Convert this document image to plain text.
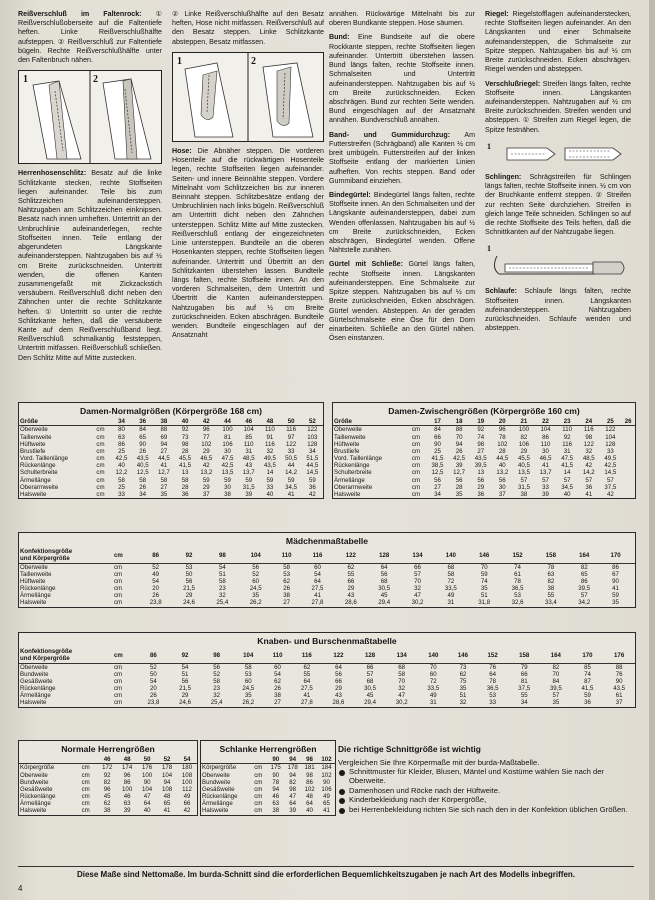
Reißverschluß im Faltenrock: ① Reißverschlußoberseite auf die Faltentiefe heften. Linke Reißverschlußhälfte aufsteppen. ② Reißverschluß zur Faltentiefe bügeln. Rechte Reißverschlußhälfte unter den Faltenbruch nähen.

1	2

Herrenhosenschlitz: Besatz auf die linke Schlitzkante stecken, rechte Stoffseiten liegen aufeinander. Teile bis zum Schlitzzeichen aufeinandersteppen. Nahtzugaben am Schlitzzeichen einknipsen. Besatz nach innen umheften. Untertritt an der Umbruchlinie aufeinanderlegen, rechte Stoffseiten innen. Teile entlang der abgerundeten Längskante aufeinandersteppen. Nahtzugaben bis auf ½ cm Breite zurückschneiden. Untertritt wenden, die offenen Kanten zusammengefaßt mit Zickzackstich versäubern. Reißverschluß dicht neben den Zähnchen unter die rechte Schlitzkante heften. ① Untertritt so unter die rechte Schlitzkante heften, daß die versäuberte Kante auf dem Reißverschlußband liegt. Reißverschluß schmalkantig feststeppen, Untertritt mitfassen. Reißverschluß schließen. Den Schlitz Mitte auf Mitte zustecken.

② Linke Reißverschlußhälfte auf den Besatz heften, Hose nicht mitfassen. Reißverschluß auf den Besatz steppen. Linke Schlitzkante absteppen, Besatz mitfassen.

1	2

Hose: Die Abnäher steppen. Die vorderen Hosenteile auf die rückwärtigen Hosenteile legen, rechte Stoffseiten liegen aufeinander. Seiten- und innere Beinnähte steppen. Vordere Mittelnaht vom Schlitzzeichen bis zur inneren Beinnaht steppen. Schlitzbesätze entlang der Umbruchlinien nach links bügeln. Reißverschluß am Untertritt dicht neben den Zähnchen untersteppen. Schlitz Mitte auf Mitte zustecken. Reißverschluß entlang der eingezeichneten Linie untersteppen. Bundteile an die oberen Hosenkanten steppen, rechte Stoffseiten liegen aufeinander. Untertritt und Übertritt an den Schlitzkanten überstehen lassen. Bundteile längs falten, rechte Stoffseite innen. An den vorderen Schmalseiten, dem Untertritt und Übertritt die Kanten aufeinandersteppen. Nahtzugaben bis auf ½ cm Breite zurückschneiden. Ecken abschrägen. Bundteile wenden. Bundteile eingeschlagen auf der Ansatznaht

annähen. Rückwärtige Mittelnaht bis zur oberen Bundkante steppen. Hose säumen.

Bund: Eine Bundseite auf die obere Rockkante steppen, rechte Stoffseiten liegen aufeinander. Untertritt überstehen lassen. Bund längs falten, rechte Stoffseite innen. Schmalseiten und Untertritt aufeinandersteppen. Nahtzugaben bis auf ½ cm Breite zurückschneiden. Ecken abschrägen. Bund zur rechten Seite wenden. Bund eingeschlagen auf der Ansatznaht annähen. Bundverschluß annähen.

Band- und Gummidurchzug: Am Futterstreifen (Schrägband) alle Kanten ½ cm breit umbügeln. Futterstreifen auf der linken Stoffseite entlang der markierten Linien aufheften. Von rechts steppen. Band oder Gummiband einziehen.

Bindegürtel: Bindegürtel längs falten, rechte Stoffseite innen. An den Schmalseiten und der Längskante aufeinandersteppen, dabei zum Wenden offenlassen. Nahtzugaben bis auf ½ cm Breite zurückschneiden, Ecken abschrägen, Bindegürtel wenden. Offene Nahtstelle zunähen.

Gürtel mit Schließe: Gürtel längs falten, rechte Stoffseite innen. Längskanten aufeinandersteppen. Eine Schmalseite zur Spitze steppen. Nahtzugaben bis auf ½ cm Breite zurückschneiden, Ecken abschrägen. Gürtel wenden. Absteppen. An der geraden Gürtelschmalseite eine Öse für den Dorn einarbeiten. Schließe an den Gürtel nähen. Ösen einstanzen.

Riegel: Riegelstofflagen aufeinanderstecken, rechte Stoffseiten liegen aufeinander. An den Längskanten und einer Schmalseite aufeinandersteppen, die Schmalseite zur Spitze steppen. Nahtzugaben bis auf ½ cm Breite zurückschneiden. Ecken abschrägen. Riegel wenden und absteppen.

Verschlußriegel: Streifen längs falten, rechte Stoffseite innen. Längskanten aufeinandersteppen. Nahtzugaben auf ½ cm Breite zurückschneiden. Streifen wenden und absteppen. ① Streifen zum Riegel legen, die Spitze festnähen.

1

Schlingen: Schrägstreifen für Schlingen längs falten, rechte Stoffseite innen. ½ cm von der Bruchkante entfernt steppen. ② Streifen zur rechten Seite durchziehen. Streifen in gleich lange Teile schneiden. Schlingen so auf die rechte Stoffseite des Teils heften, daß die Schnittkanten auf der Nahtzugabe liegen.

1

Schlaufe: Schlaufe längs falten, rechte Stoffseiten innen. Längskanten aufeinandersteppen. Nahtzugaben zurückschneiden. Schlaufe wenden und absteppen.

Damen-Normalgrößen (Körpergröße 168 cm)
Größe		34	36	38	40	42	44	46	48	50	52
Oberweite	cm	80	84	88	92	96	100	104	110	116	122
Taillenweite	cm	63	65	69	73	77	81	85	91	97	103
Hüftweite	cm	86	90	94	98	102	106	110	116	122	128
Brustliefe	cm	25	26	27	28	29	30	31	32	33	34
Vord. Taillenlänge	cm	42,5	43,5	44,5	45,5	46,5	47,5	48,5	49,5	50,5	51,5
Rückenlänge	cm	40	40,5	41	41,5	42	42,5	43	43,5	44	44,5
Schulterbreite	cm	12,2	12,5	12,7	13	13,2	13,5	13,7	14	14,2	14,5
Ärmellänge	cm	58	58	58	58	59	59	59	59	59	59
Oberarmweite	cm	25	26	27	28	29	30	31,5	33	34,5	36
Halsweite	cm	33	34	35	36	37	38	39	40	41	42
Damen-Zwischengrößen (Körpergröße 160 cm)
Größe		17	18	19	20	21	22	23	24	25	26
Oberweite	cm	84	88	92	96	100	104	110	116	122	
Taillenweite	cm	66	70	74	78	82	86	92	98	104	
Hüftweite	cm	90	94	98	102	106	110	116	122	128	
Brustliefe	cm	25	26	27	28	29	30	31	32	33	
Vord. Taillenlänge	cm	41,5	42,5	43,5	44,5	45,5	46,5	47,5	48,5	49,5	
Rückenlänge	cm	38,5	39	39,5	40	40,5	41	41,5	42	42,5	
Schulterbreite	cm	12,5	12,7	13	13,2	13,5	13,7	14	14,2	14,5	
Ärmellänge	cm	56	56	56	56	57	57	57	57	57	
Oberarmweite	cm	27	28	29	30	31,5	33	34,5	36	37,5	
Halsweite	cm	34	35	36	37	38	39	40	41	42	
Mädchenmaßtabelle
Konfektionsgröße
und Körpergröße	cm	86	92	98	104	110	116	122	128	134	140	146	152	158	164	170	
Oberweite	cm	52	53	54	56	58	60	62	64	66	68	70	74	78	82	86	
Taillenweite	cm	49	50	51	52	53	54	55	56	57	58	59	61	63	65	67	
Hüftweite	cm	54	56	58	60	62	64	66	68	70	72	74	78	82	86	90	
Rückenlänge	cm	20	21,5	23	24,5	26	27,5	29	30,5	32	33,5	35	36,5	38	39,5	41	
Ärmellänge	cm	26	29	32	35	38	41	43	45	47	49	51	53	55	57	59	
Halsweite	cm	23,8	24,6	25,4	26,2	27	27,8	28,6	29,4	30,2	31	31,8	32,6	33,4	34,2	35	
Knaben- und Burschenmaßtabelle
Konfektionsgröße
und Körpergröße	cm	86	92	98	104	110	116	122	128	134	140	146	152	158	164	170	176
Oberweite	cm	52	54	56	58	60	62	64	66	68	70	73	76	79	82	85	88
Bundweite	cm	50	51	52	53	54	55	56	57	58	60	62	64	66	70	74	76
Gesäßweite	cm	54	56	58	60	62	64	66	68	70	72	75	78	81	84	87	90
Rückenlänge	cm	20	21,5	23	24,5	26	27,5	29	30,5	32	33,5	35	36,5	37,5	39,5	41,5	43,5
Ärmellänge	cm	26	29	32	35	38	41	43	45	47	49	51	53	55	57	59	61
Halsweite	cm	23,8	24,6	25,4	26,2	27	27,8	28,6	29,4	30,2	31	32	33	34	35	36	37
Normale Herrengrößen
		46	48	50	52	54
Körpergröße	cm	172	174	176	178	180
Oberweite	cm	92	96	100	104	108
Bundweite	cm	82	86	90	94	100
Gesäßweite	cm	96	100	104	108	112
Rückenlänge	cm	45	46	47	48	49
Ärmellänge	cm	62	63	64	65	66
Halsweite	cm	38	39	40	41	42
Schlanke Herrengrößen
		90	94	98	102
Körpergröße	cm	175	178	181	184
Oberweite	cm	90	94	98	102
Bundweite	cm	78	82	86	90
Gesäßweite	cm	94	98	102	106
Rückenlänge	cm	46	47	48	49
Ärmellänge	cm	63	64	64	65
Halsweite	cm	38	39	40	41
Die richtige Schnittgröße ist wichtig
Vergleichen Sie Ihre Körpermaße mit der burda-Maßtabelle.
Schnittmuster für Kleider, Blusen, Mäntel und Kostüme wählen Sie nach der Oberweite.
Damenhosen und Röcke nach der Hüftweite.
Kinderbekleidung nach der Körpergröße,
bei Herrenbekleidung richten Sie sich nach den in der Konfektion üblichen Größen.
Diese Maße sind Nettomaße. Im burda-Schnitt sind die erforderlichen Bequemlichkeitszugaben je nach Art des Modells inbegriffen.
4
